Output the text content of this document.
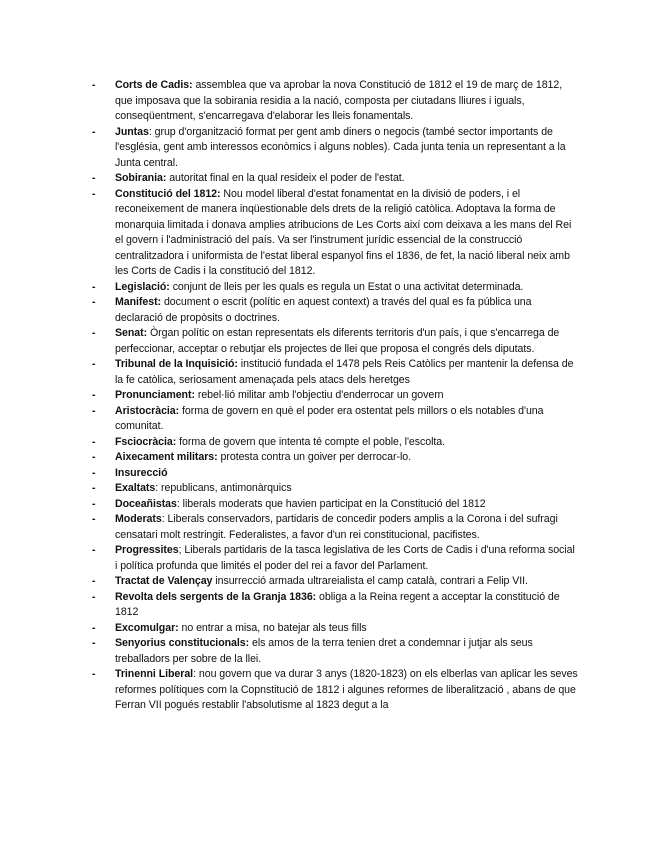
-	Corts de Cadis: assemblea que va aprobar la nova Constitució de 1812 el 19 de març de 1812, que imposava que la sobirania residia a la nació, composta per ciutadans lliures i iguals, conseqüentment, s'encarregava d'elaborar les lleis fonamentals.
-	Juntas: grup d'organització format per gent amb diners o negocis (també sector importants de l'església, gent amb interessos econòmics i alguns nobles). Cada junta tenia un representant a la Junta central.
-	Sobirania: autoritat final en la qual resideix el poder de l'estat.
-	Constitució del 1812: Nou model liberal d'estat fonamentat en la divisió de poders, i el reconeixement de manera inqüestionable dels drets de la religió catòlica. Adoptava la forma de monarquia limitada i donava amplies atribucions de Les Corts així com deixava a les mans del Rei el govern i l'administració del país. Va ser l'instrument jurídic essencial de la construcció centralitzadora i uniformista de l'estat liberal espanyol fins el 1836, de fet, la nació liberal neix amb les Corts de Cadis i la constitució del 1812.
-	Legislació: conjunt de lleis per les quals es regula un Estat o una activitat determinada.
-	Manifest: document o escrit (polític en aquest context) a través del qual es fa pública una declaració de propòsits o doctrines.
-	Senat: Òrgan polític on estan representats els diferents territoris d'un país, i que s'encarrega de perfeccionar, acceptar o rebutjar els projectes de llei que proposa el congrés dels diputats.
-	Tribunal de la Inquisició: institució fundada el 1478 pels Reis Catòlics per mantenir la defensa de la fe catòlica, seriosament amenaçada pels atacs dels heretges
-	Pronunciament: rebel·lió militar amb l'objectiu d'enderrocar un govern
-	Aristocràcia: forma de govern en què el poder era ostentat pels millors o els notables d'una comunitat.
-	Fsciocràcia: forma de govern que intenta té compte el poble, l'escolta.
-	Aixecament militars: protesta contra un goiver per derrocar-lo.
-	Insurecció
-	Exaltats: republicans, antimonàrquics
-	Doceañistas: liberals moderats que havien participat en la Constitució del 1812
-	Moderats: Liberals conservadors, partidaris de concedir poders amplis a la Corona i del sufragi censatari molt restringit. Federalistes, a favor d'un rei constitucional, pacifistes.
-	Progressites; Liberals partidaris de la tasca legislativa de les Corts de Cadis i d'una reforma social i política profunda que limités el poder del rei a favor del Parlament.
-	Tractat de Valençay insurrecció armada ultrareialista el camp català, contrari a Felip VII.
-	Revolta dels sergents de la Granja 1836: obliga a la Reina regent a acceptar la constitució de 1812
-	Excomulgar: no entrar a misa, no batejar als teus fills
-	Senyorius constitucionals: els amos de la terra tenien dret a condemnar i jutjar als seus treballadors per sobre de la llei.
-	Trinenni Liberal: nou govern que va durar 3 anys (1820-1823) on els elberlas van aplicar les seves reformes polítiques com la Copnstitució de 1812 i algunes reformes de liberalització , abans de que Ferran VII pogués restablir l'absolutisme al 1823 degut a la
